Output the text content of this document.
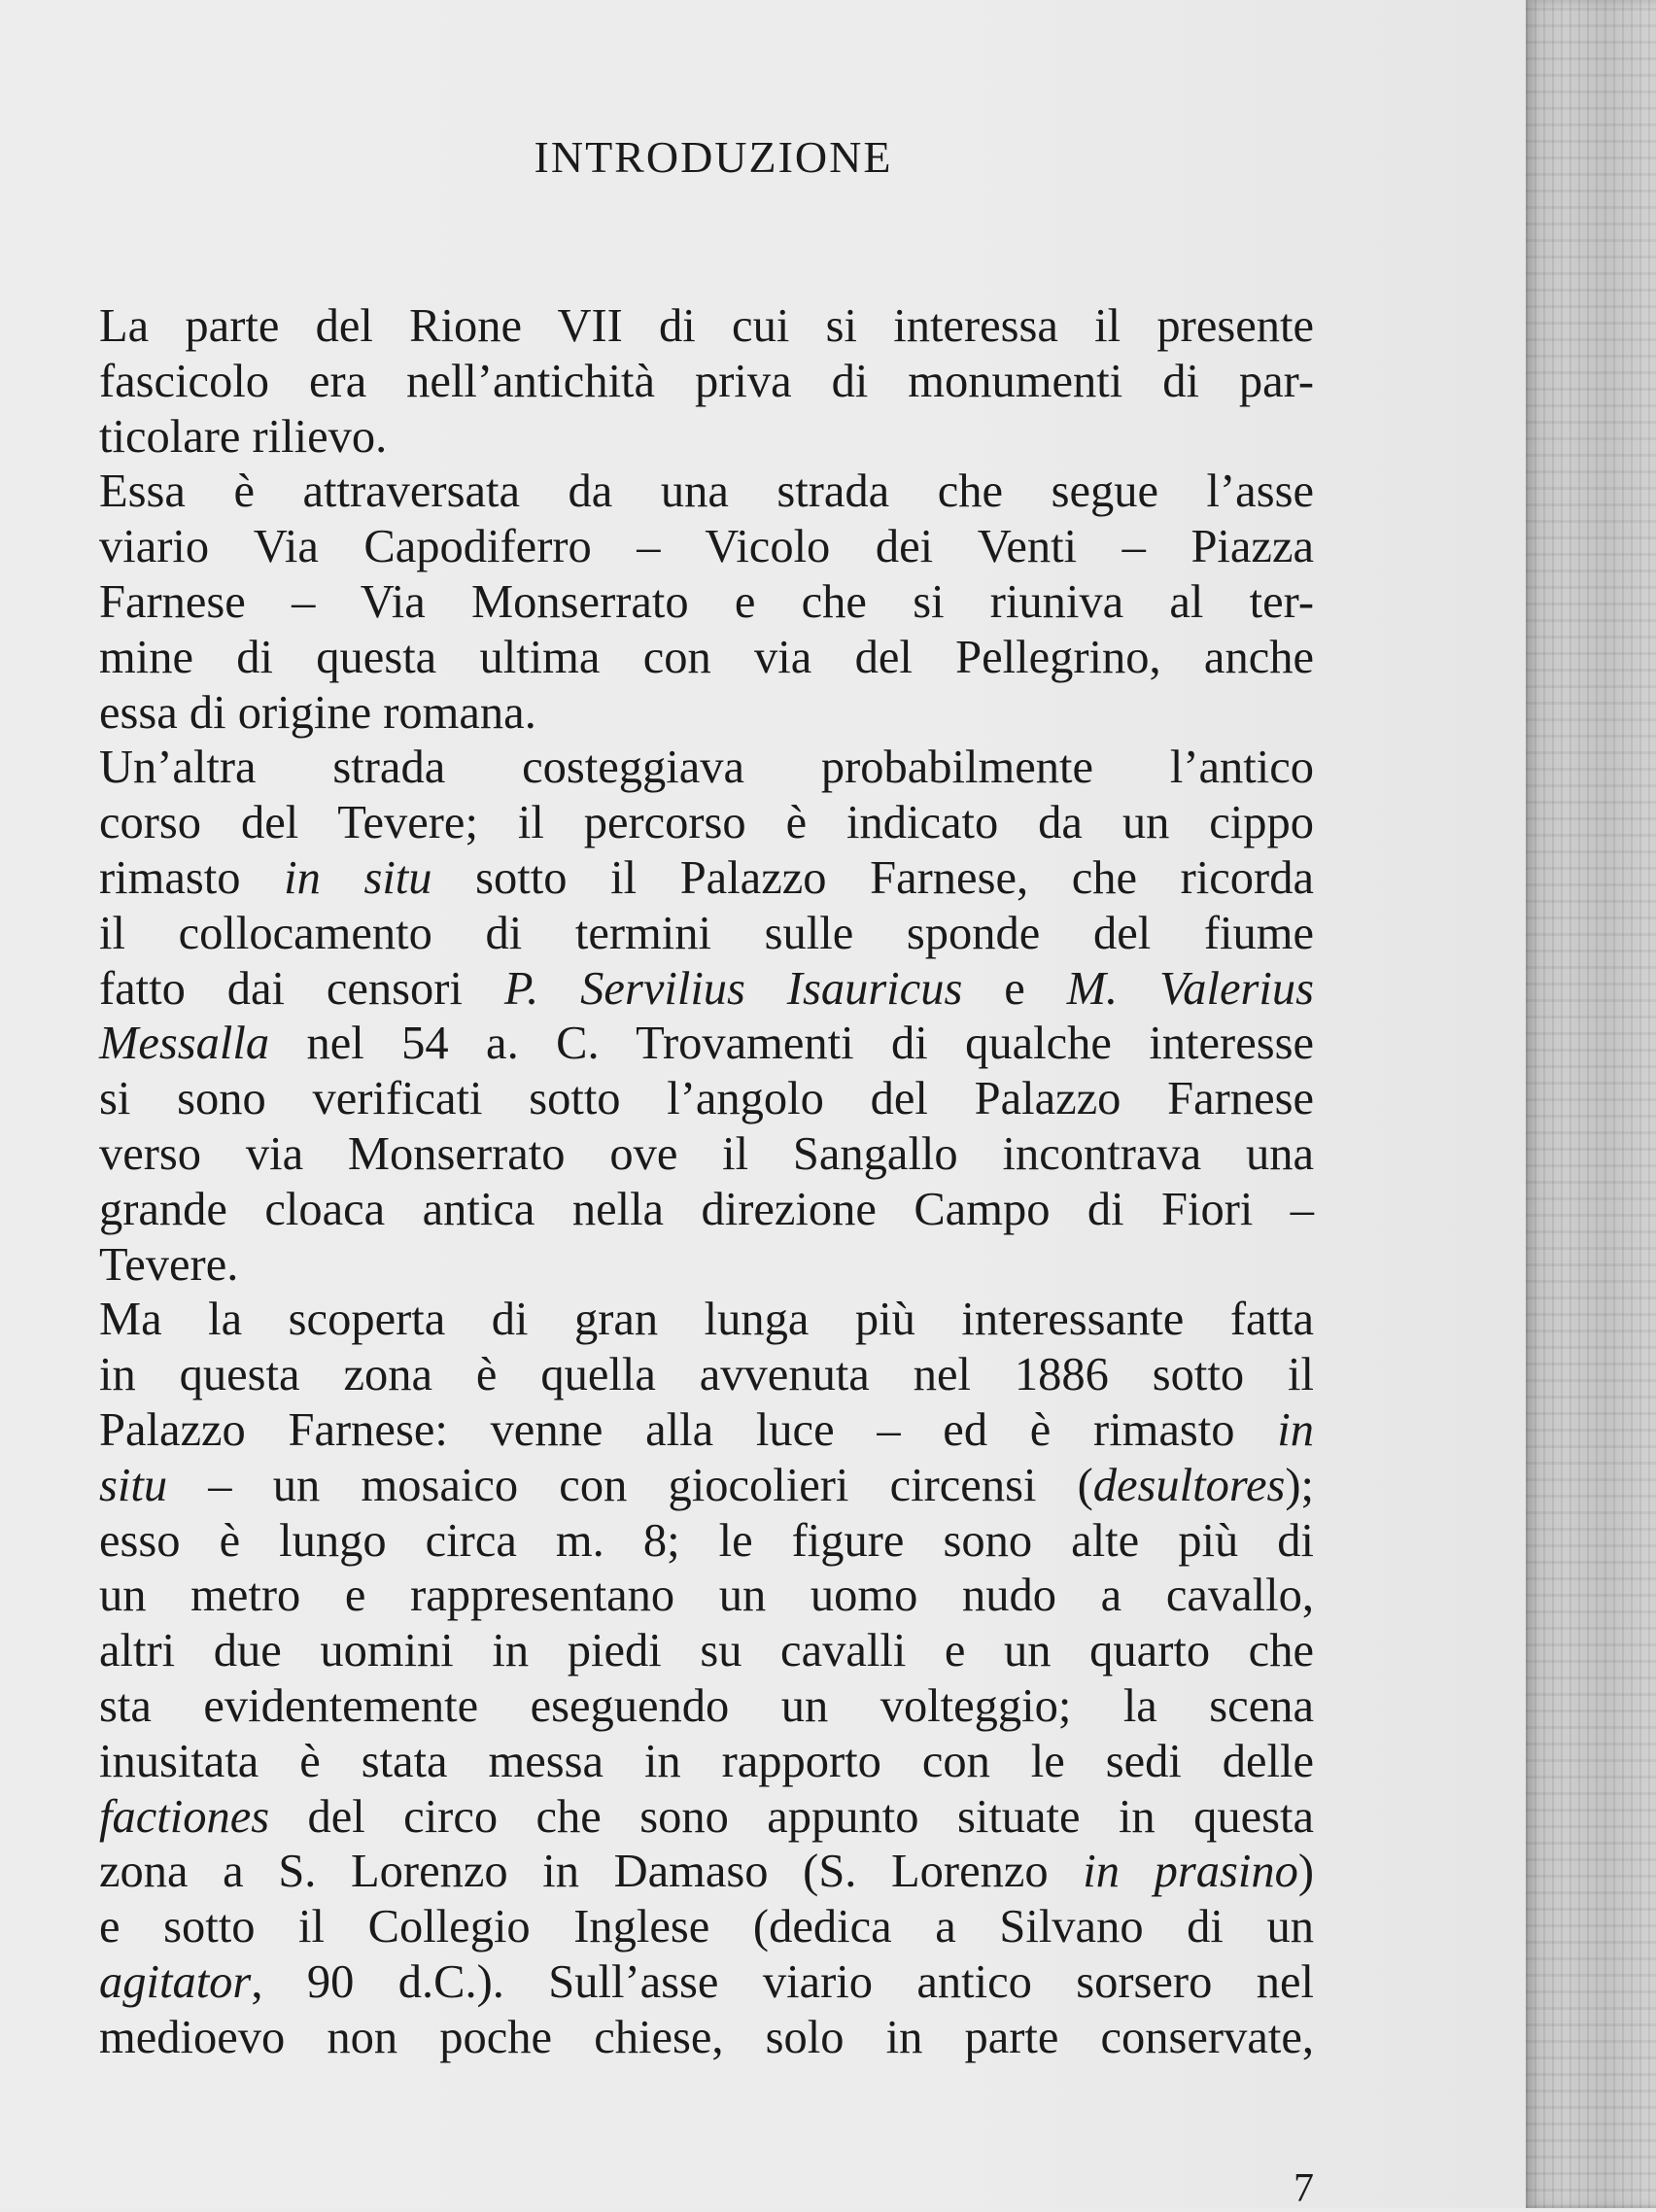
INTRODUZIONE
La parte del Rione VII di cui si interessa il presente
fascicolo era nell’antichità priva di monumenti di par-
ticolare rilievo.
Essa è attraversata da una strada che segue l’asse
viario Via Capodiferro – Vicolo dei Venti – Piazza
Farnese – Via Monserrato e che si riuniva al ter-
mine di questa ultima con via del Pellegrino, anche
essa di origine romana.
Un’altra strada costeggiava probabilmente l’antico
corso del Tevere; il percorso è indicato da un cippo
rimasto in situ sotto il Palazzo Farnese, che ricorda
il collocamento di termini sulle sponde del fiume
fatto dai censori P. Servilius Isauricus e M. Valerius
Messalla nel 54 a. C. Trovamenti di qualche interesse
si sono verificati sotto l’angolo del Palazzo Farnese
verso via Monserrato ove il Sangallo incontrava una
grande cloaca antica nella direzione Campo di Fiori –
Tevere.
Ma la scoperta di gran lunga più interessante fatta
in questa zona è quella avvenuta nel 1886 sotto il
Palazzo Farnese: venne alla luce – ed è rimasto in
situ – un mosaico con giocolieri circensi (desultores);
esso è lungo circa m. 8; le figure sono alte più di
un metro e rappresentano un uomo nudo a cavallo,
altri due uomini in piedi su cavalli e un quarto che
sta evidentemente eseguendo un volteggio; la scena
inusitata è stata messa in rapporto con le sedi delle
factiones del circo che sono appunto situate in questa
zona a S. Lorenzo in Damaso (S. Lorenzo in prasino)
e sotto il Collegio Inglese (dedica a Silvano di un
agitator, 90 d.C.). Sull’asse viario antico sorsero nel
medioevo non poche chiese, solo in parte conservate,
7
